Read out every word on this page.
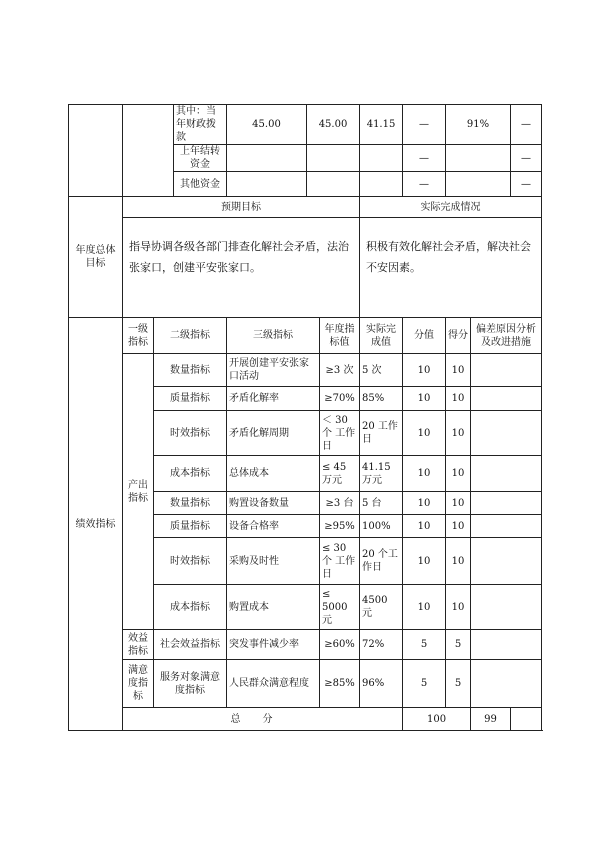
			其中：当年财政拨款	45.00	45.00		41.15	—	91%		—
			上年结转资金					—			—
			其他资金					—			—
年度总体目标	预期目标						实际完成情况				

	指导协调各级各部门排查化解社会矛盾，法治张家口，创建平安张家口。						积极有效化解社会矛盾，解决社会不安因素。				

绩效指标	一级指标	二级指标		三级指标		年度指标值	实际完成值	分值	得分	偏差原因分析及改进措施	
	产出指标	数量指标		开展创建平安张家口活动		≥3 次	5 次	10	10		
		质量指标		矛盾化解率		≥70%	85%	10	10		
		时效指标		矛盾化解周期		＜ 30 个 工作日	20 工作日	10	10		
		成本指标		总体成本		≤ 45 万元	41.15 万元	10	10		
		数量指标		购置设备数量		≥3 台	5 台	10	10		
		质量指标		设备合格率		≥95%	100%	10	10		
		时效指标		采购及时性		≤ 30 个 工作日	20 个工作日	10	10		
		成本指标		购置成本		≤ 5000 元	4500 元	10	10		
	效益指标	社会效益指标		突发事件减少率		≥60%	72%	5	5		
	满意度指标	服务对象满意度指标		人民群众满意程度		≥85%	96%	5	5		
	总分							100		99	
